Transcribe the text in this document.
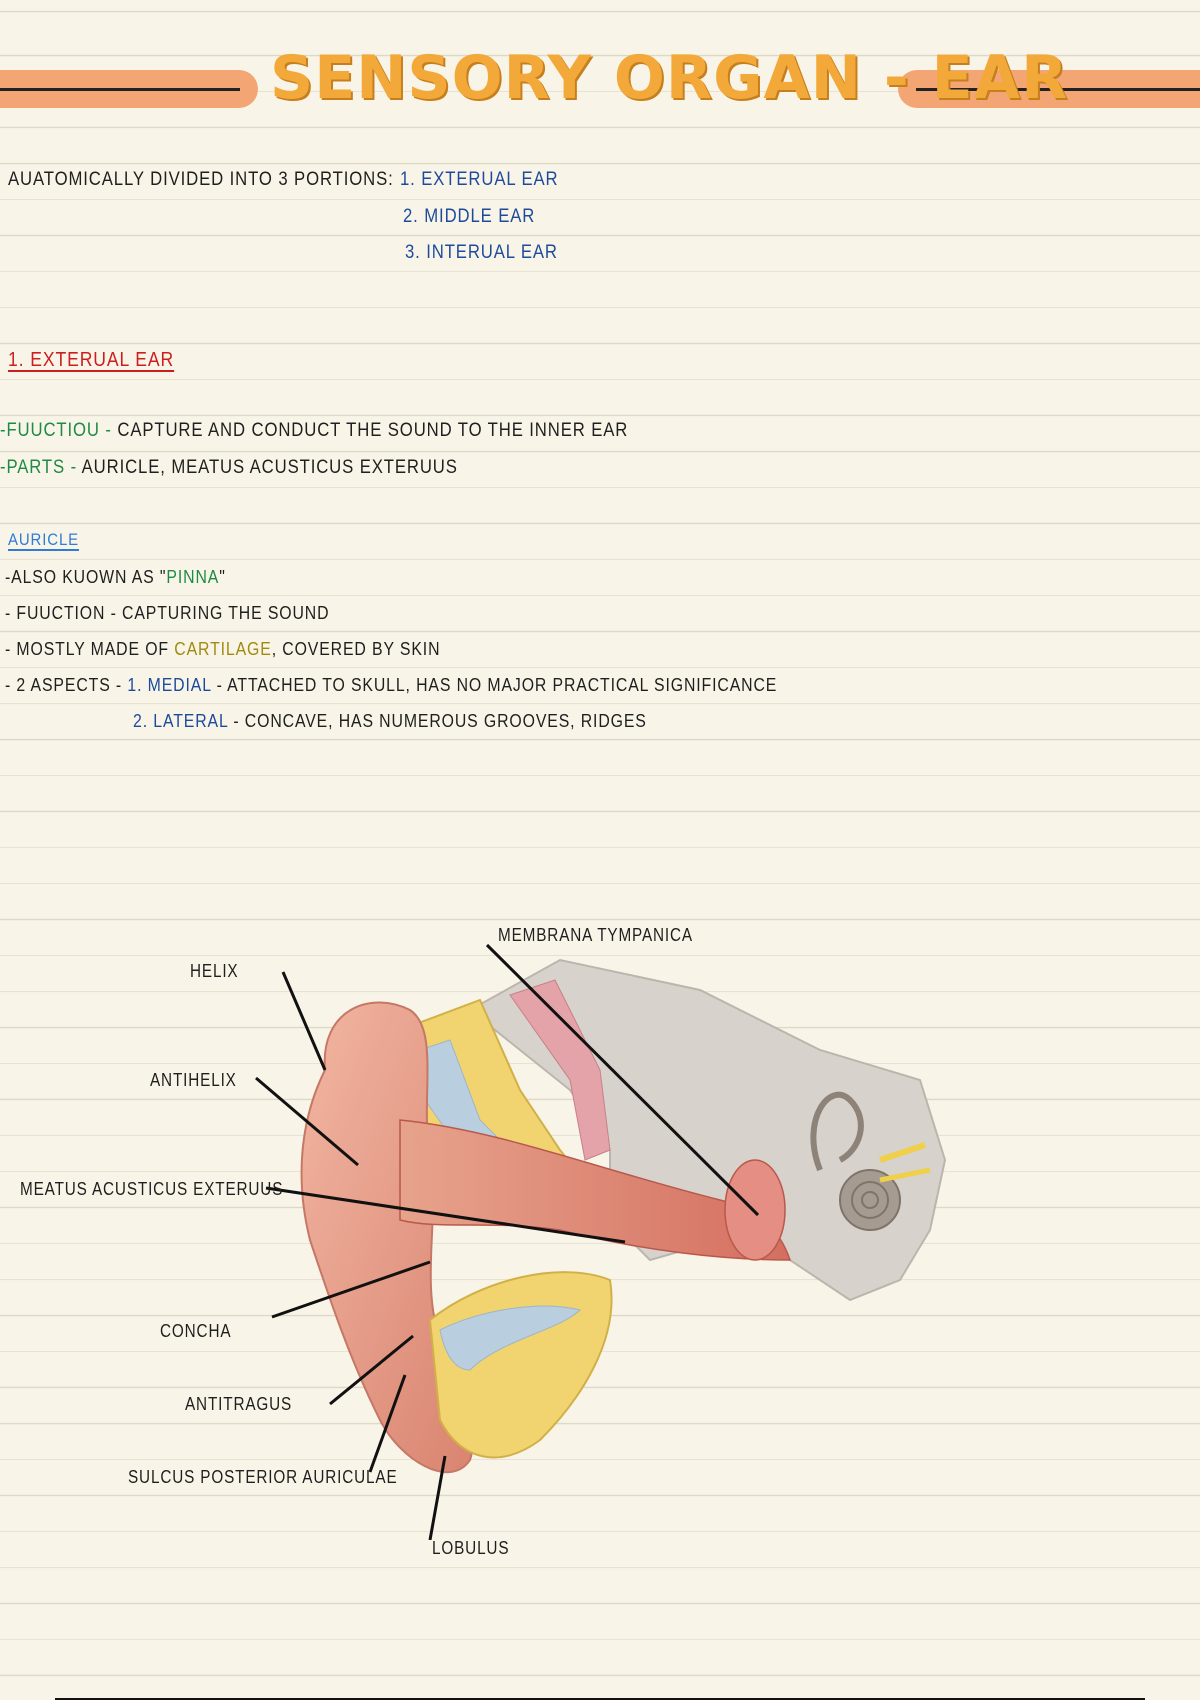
SENSORY ORGAN - EAR
AUATOMICALLY DIVIDED INTO 3 PORTIONS: 1. EXTERUAL EAR
2. MIDDLE EAR
3. INTERUAL EAR
1. EXTERUAL EAR
-FUUCTIOU - CAPTURE AND CONDUCT THE SOUND TO THE INNER EAR
-PARTS - AURICLE, MEATUS ACUSTICUS EXTERUUS
AURICLE
-ALSO KUOWN AS "PINNA"
- FUUCTION - CAPTURING THE SOUND
- MOSTLY MADE OF CARTILAGE, COVERED BY SKIN
- 2 ASPECTS - 1. MEDIAL - ATTACHED TO SKULL, HAS NO MAJOR PRACTICAL SIGNIFICANCE
2. LATERAL - CONCAVE, HAS NUMEROUS GROOVES, RIDGES
HELIX
ANTIHELIX
MEATUS ACUSTICUS EXTERUUS
CONCHA
ANTITRAGUS
SULCUS POSTERIOR AURICULAE
LOBULUS
MEMBRANA TYMPANICA
